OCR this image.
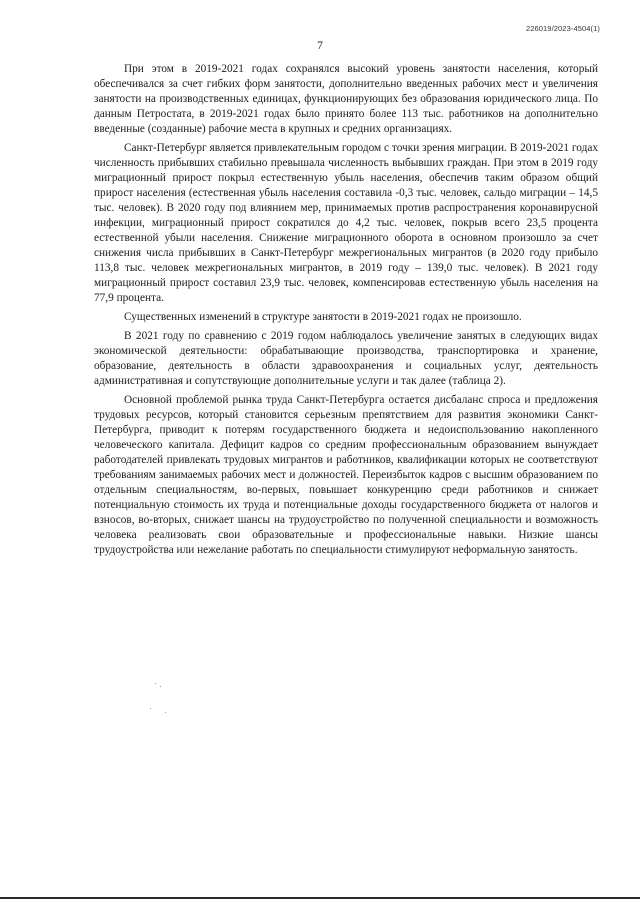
226019/2023-4504(1)
7

При этом в 2019-2021 годах сохранялся высокий уровень занятости населения, который обеспечивался за счет гибких форм занятости, дополнительно введенных рабочих мест и увеличения занятости на производственных единицах, функционирующих без образования юридического лица. По данным Петростата, в 2019-2021 годах было принято более 113 тыс. работников на дополнительно введенные (созданные) рабочие места в крупных и средних организациях.

Санкт-Петербург является привлекательным городом с точки зрения миграции. В 2019-2021 годах численность прибывших стабильно превышала численность выбывших граждан. При этом в 2019 году миграционный прирост покрыл естественную убыль населения, обеспечив таким образом общий прирост населения (естественная убыль населения составила -0,3 тыс. человек, сальдо миграции – 14,5 тыс. человек). В 2020 году под влиянием мер, принимаемых против распространения коронавирусной инфекции, миграционный прирост сократился до 4,2 тыс. человек, покрыв всего 23,5 процента естественной убыли населения. Снижение миграционного оборота в основном произошло за счет снижения числа прибывших в Санкт-Петербург межрегиональных мигрантов (в 2020 году прибыло 113,8 тыс. человек межрегиональных мигрантов, в 2019 году – 139,0 тыс. человек). В 2021 году миграционный прирост составил 23,9 тыс. человек, компенсировав естественную убыль населения на 77,9 процента.

Существенных изменений в структуре занятости в 2019-2021 годах не произошло.

В 2021 году по сравнению с 2019 годом наблюдалось увеличение занятых в следующих видах экономической деятельности: обрабатывающие производства, транспортировка и хранение, образование, деятельность в области здравоохранения и социальных услуг, деятельность административная и сопутствующие дополнительные услуги и так далее (таблица 2).

Основной проблемой рынка труда Санкт-Петербурга остается дисбаланс спроса и предложения трудовых ресурсов, который становится серьезным препятствием для развития экономики Санкт-Петербурга, приводит к потерям государственного бюджета и недоиспользованию накопленного человеческого капитала. Дефицит кадров со средним профессиональным образованием вынуждает работодателей привлекать трудовых мигрантов и работников, квалификации которых не соответствуют требованиям занимаемых рабочих мест и должностей. Переизбыток кадров с высшим образованием по отдельным специальностям, во-первых, повышает конкуренцию среди работников и снижает потенциальную стоимость их труда и потенциальные доходы государственного бюджета от налогов и взносов, во-вторых, снижает шансы на трудоустройство по полученной специальности и возможность человека реализовать свои образовательные и профессиональные навыки. Низкие шансы трудоустройства или нежелание работать по специальности стимулируют неформальную занятость.
